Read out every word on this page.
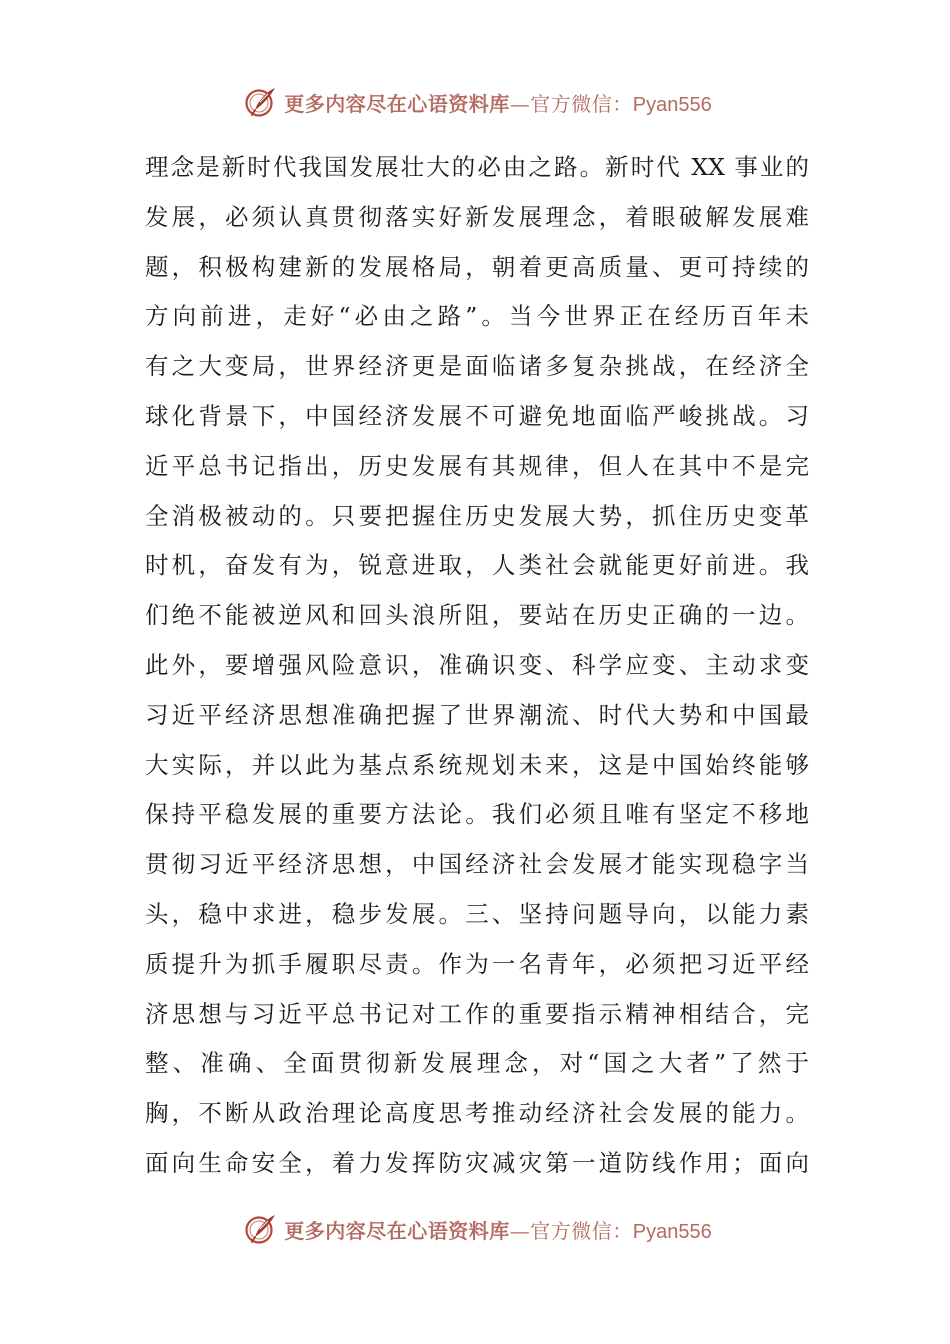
更多内容尽在心语资料库—官方微信：Pyan556
理念是新时代我国发展壮大的必由之路。新时代 XX 事业的
发展，必须认真贯彻落实好新发展理念，着眼破解发展难
题，积极构建新的发展格局，朝着更高质量、更可持续的
方向前进，走好“必由之路”。当今世界正在经历百年未
有之大变局，世界经济更是面临诸多复杂挑战，在经济全
球化背景下，中国经济发展不可避免地面临严峻挑战。习
近平总书记指出，历史发展有其规律，但人在其中不是完
全消极被动的。只要把握住历史发展大势，抓住历史变革
时机，奋发有为，锐意进取，人类社会就能更好前进。我
们绝不能被逆风和回头浪所阻，要站在历史正确的一边。
此外，要增强风险意识，准确识变、科学应变、主动求变
习近平经济思想准确把握了世界潮流、时代大势和中国最
大实际，并以此为基点系统规划未来，这是中国始终能够
保持平稳发展的重要方法论。我们必须且唯有坚定不移地
贯彻习近平经济思想，中国经济社会发展才能实现稳字当
头，稳中求进，稳步发展。三、坚持问题导向，以能力素
质提升为抓手履职尽责。作为一名青年，必须把习近平经
济思想与习近平总书记对工作的重要指示精神相结合，完
整、准确、全面贯彻新发展理念，对“国之大者”了然于
胸，不断从政治理论高度思考推动经济社会发展的能力。
面向生命安全，着力发挥防灾减灾第一道防线作用；面向
更多内容尽在心语资料库—官方微信：Pyan556
